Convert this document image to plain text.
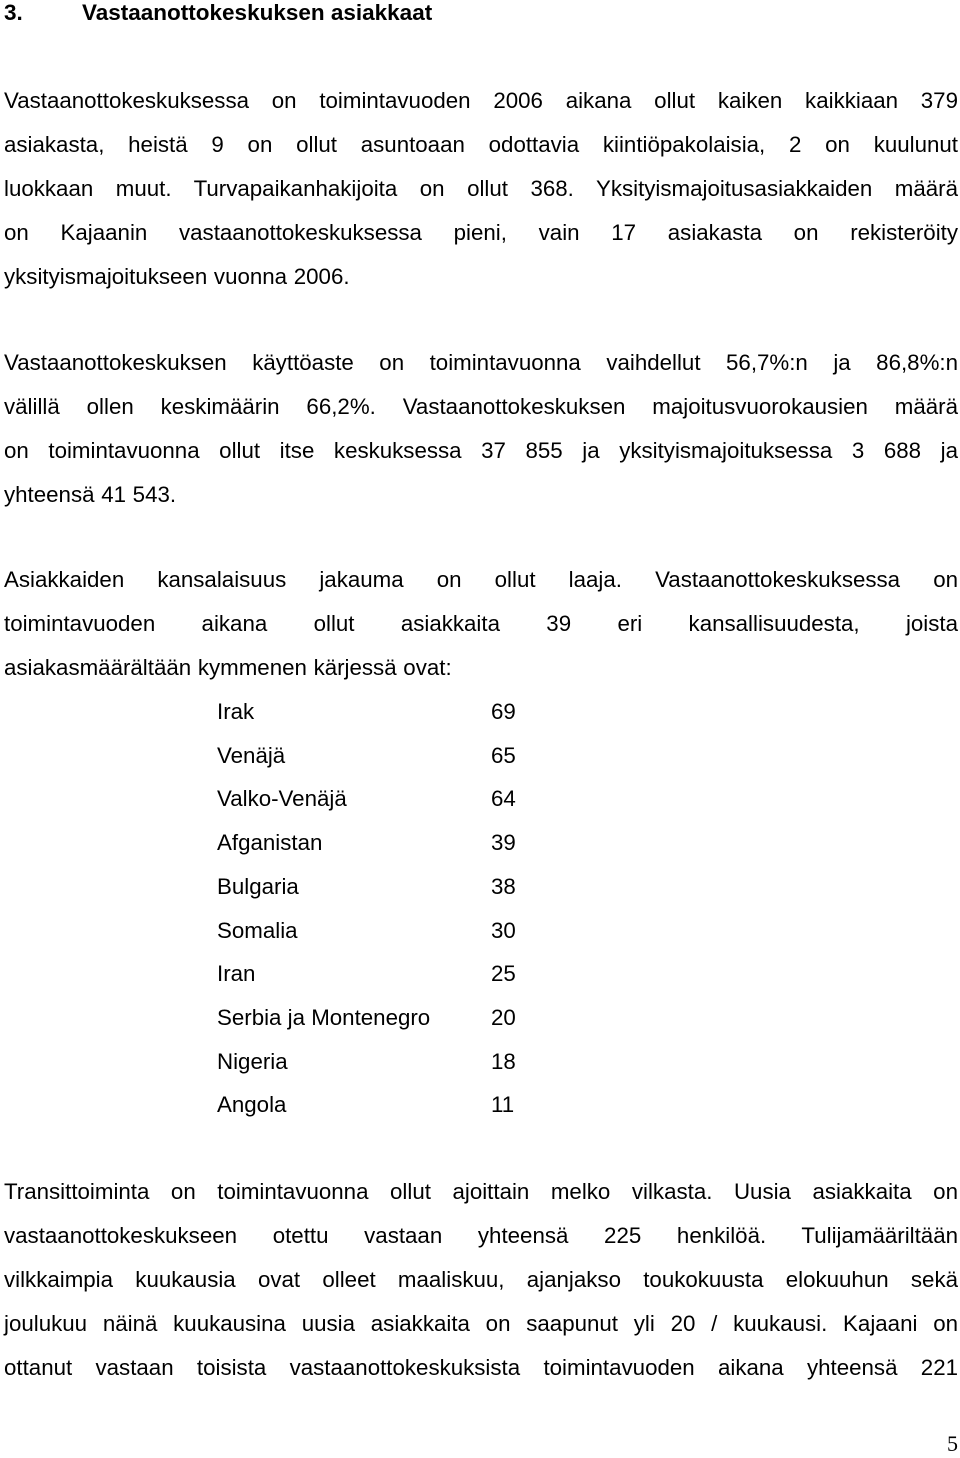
3.	Vastaanottokeskuksen asiakkaat

Vastaanottokeskuksessa on toimintavuoden 2006 aikana ollut kaiken kaikkiaan 379
asiakasta, heistä 9 on ollut asuntoaan odottavia kiintiöpakolaisia, 2 on kuulunut
luokkaan muut. Turvapaikanhakijoita on ollut 368. Yksityismajoitusasiakkaiden määrä
on Kajaanin vastaanottokeskuksessa pieni, vain 17 asiakasta on rekisteröity
yksityismajoitukseen vuonna 2006.

Vastaanottokeskuksen käyttöaste on toimintavuonna vaihdellut 56,7%:n ja 86,8%:n
välillä ollen keskimäärin 66,2%. Vastaanottokeskuksen majoitusvuorokausien määrä
on toimintavuonna ollut itse keskuksessa 37 855 ja yksityismajoituksessa 3 688 ja
yhteensä 41 543.

Asiakkaiden kansalaisuus jakauma on ollut laaja. Vastaanottokeskuksessa on
toimintavuoden aikana ollut asiakkaita 39 eri kansallisuudesta, joista
asiakasmäärältään kymmenen kärjessä ovat:

Irak	69
Venäjä	65
Valko-Venäjä	64
Afganistan	39
Bulgaria	38
Somalia	30
Iran	25
Serbia ja Montenegro	20
Nigeria	18
Angola	11

Transittoiminta on toimintavuonna ollut ajoittain melko vilkasta. Uusia asiakkaita on
vastaanottokeskukseen otettu vastaan yhteensä 225 henkilöä. Tulijamääriltään
vilkkaimpia kuukausia ovat olleet maaliskuu, ajanjakso toukokuusta elokuuhun sekä
joulukuu näinä kuukausina uusia asiakkaita on saapunut yli 20 / kuukausi. Kajaani on
ottanut vastaan toisista vastaanottokeskuksista toimintavuoden aikana yhteensä 221

5
